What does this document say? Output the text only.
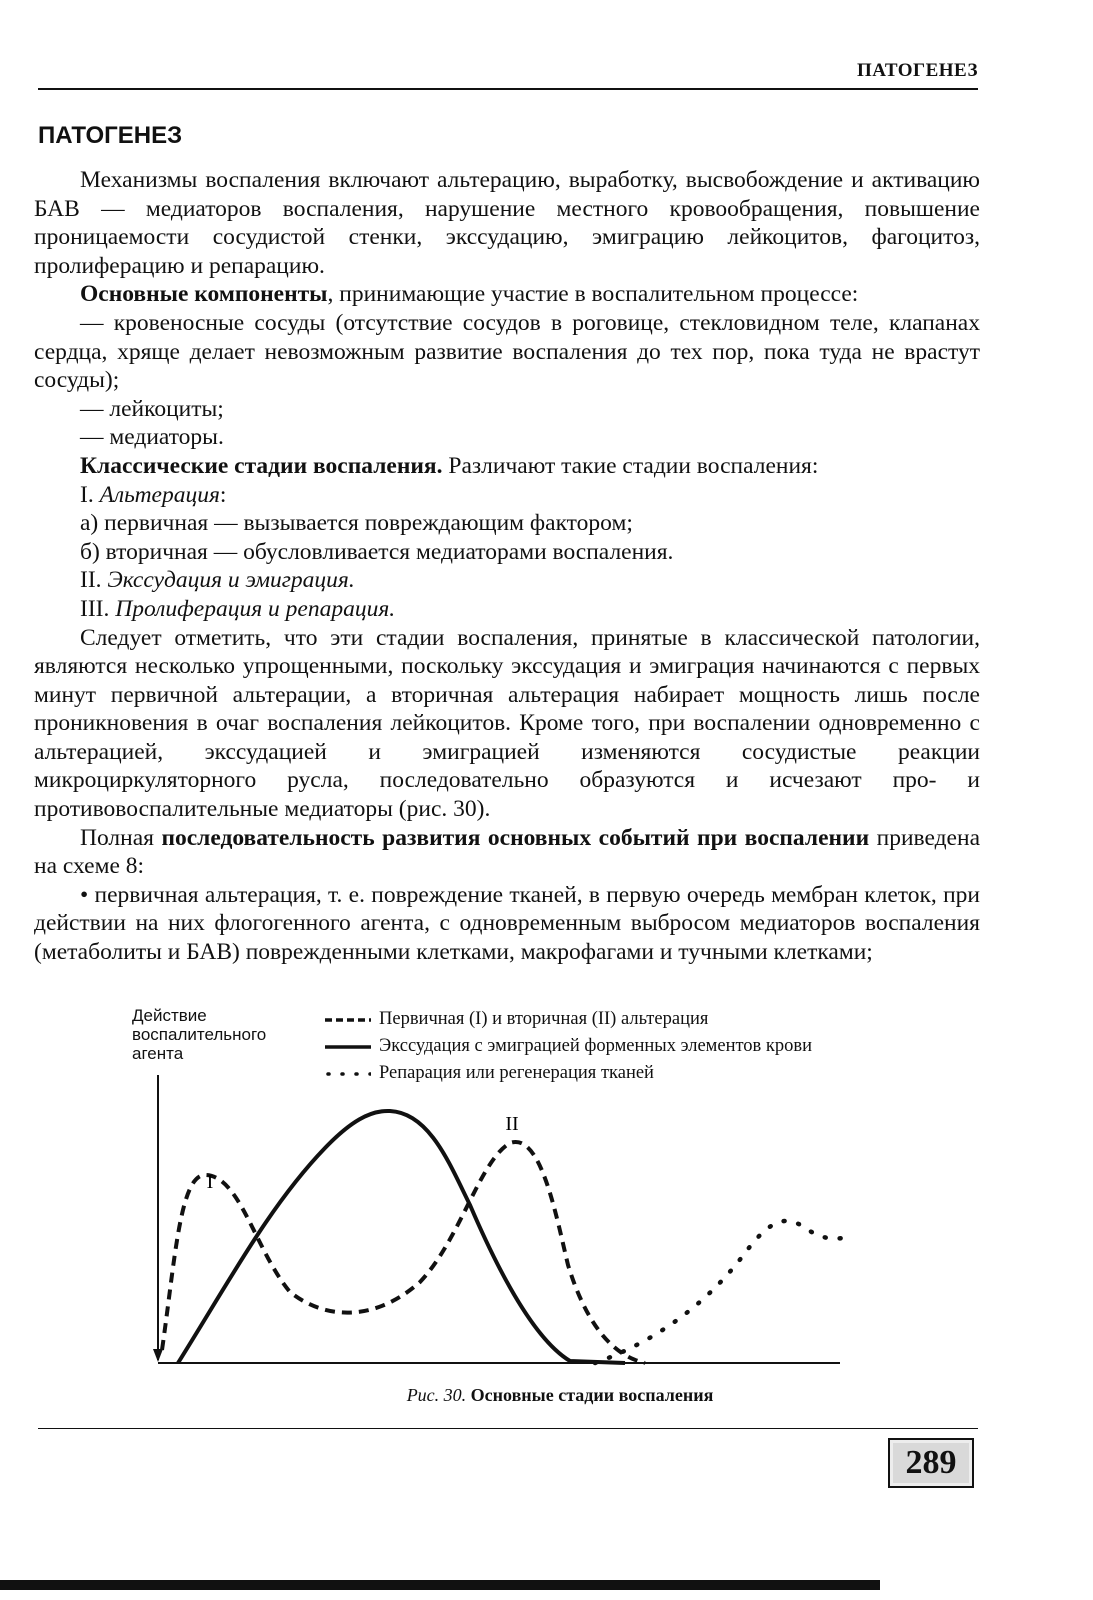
ПАТОГЕНЕЗ
ПАТОГЕНЕЗ

Механизмы воспаления включают альтерацию, выработку, высвобождение и активацию БАВ — медиаторов воспаления, нарушение местного кровообращения, повышение проницаемости сосудистой стенки, экссудацию, эмиграцию лейкоцитов, фагоцитоз, пролиферацию и репарацию.

Основные компоненты, принимающие участие в воспалительном процессе:

— кровеносные сосуды (отсутствие сосудов в роговице, стекловидном теле, клапанах сердца, хряще делает невозможным развитие воспаления до тех пор, пока туда не врастут сосуды);

— лейкоциты;

— медиаторы.

Классические стадии воспаления. Различают такие стадии воспаления:

I. Альтерация:

а) первичная — вызывается повреждающим фактором;

б) вторичная — обусловливается медиаторами воспаления.

II. Экссудация и эмиграция.

III. Пролиферация и репарация.

Следует отметить, что эти стадии воспаления, принятые в классической патологии, являются несколько упрощенными, поскольку экссудация и эмиграция начинаются с первых минут первичной альтерации, а вторичная альтерация набирает мощность лишь после проникновения в очаг воспаления лейкоцитов. Кроме того, при воспалении одновременно с альтерацией, экссудацией и эмиграцией изменяются сосудистые реакции микроциркуляторного русла, последовательно образуются и исчезают про- и противовоспалительные медиаторы (рис. 30).

Полная последовательность развития основных событий при воспалении приведена на схеме 8:

• первичная альтерация, т. е. повреждение тканей, в первую очередь мембран клеток, при действии на них флогогенного агента, с одновременным выбросом медиаторов воспаления (метаболиты и БАВ) поврежденными клетками, макрофагами и тучными клетками;

I
II
Действие
воспалительного
агента
Первичная (I) и вторичная (II) альтерация
Экссудация с эмиграцией форменных элементов крови
Репарация или регенерация тканей
Рис. 30. Основные стадии воспаления
289
